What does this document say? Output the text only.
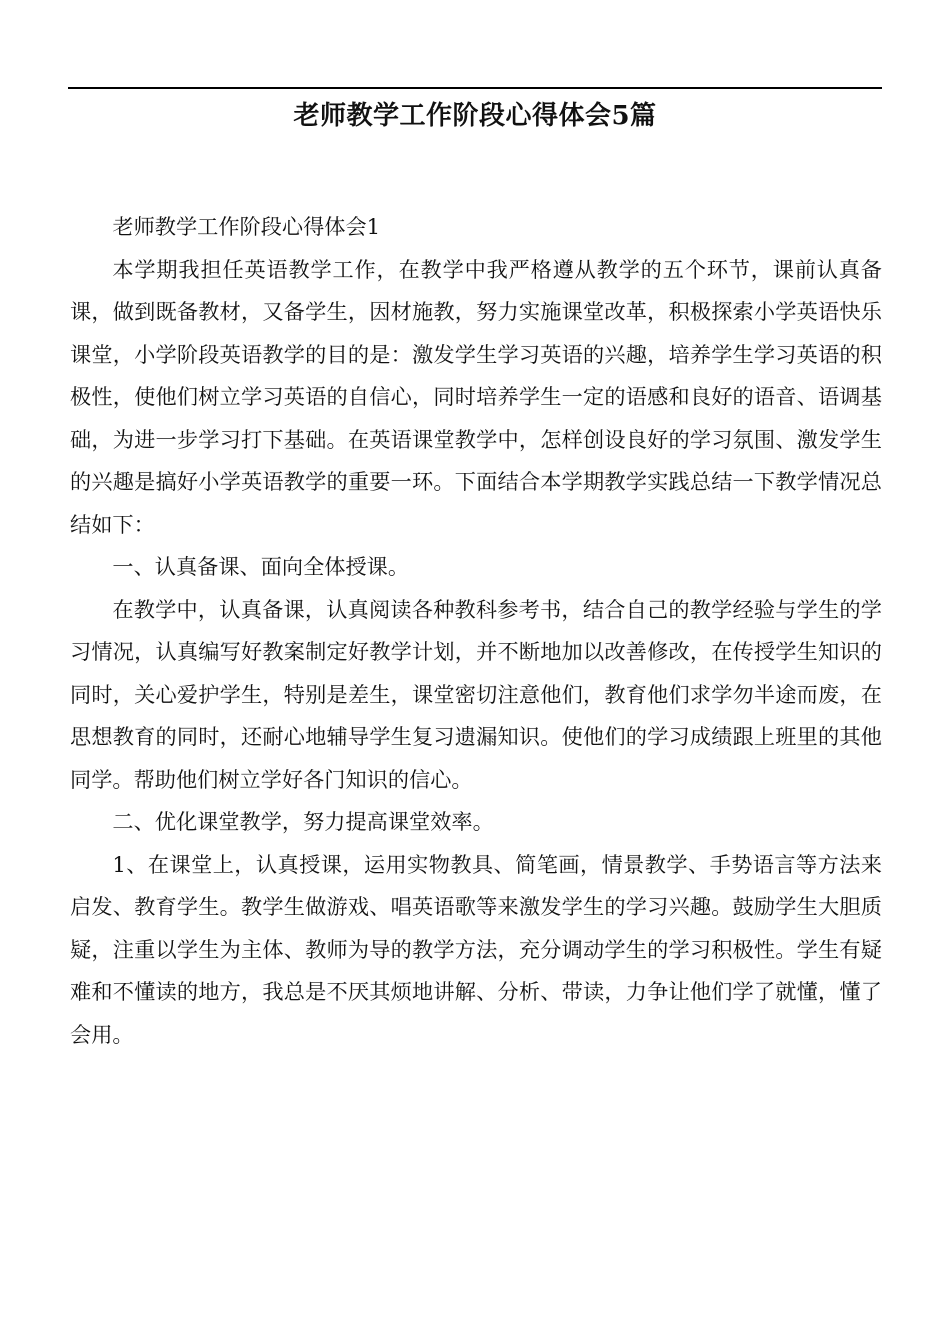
老师教学工作阶段心得体会5篇

老师教学工作阶段心得体会1

本学期我担任英语教学工作，在教学中我严格遵从教学的五个环节，课前认真备课，做到既备教材，又备学生，因材施教，努力实施课堂改革，积极探索小学英语快乐课堂，小学阶段英语教学的目的是：激发学生学习英语的兴趣，培养学生学习英语的积极性，使他们树立学习英语的自信心，同时培养学生一定的语感和良好的语音、语调基础，为进一步学习打下基础。在英语课堂教学中，怎样创设良好的学习氛围、激发学生的兴趣是搞好小学英语教学的重要一环。下面结合本学期教学实践总结一下教学情况总结如下：

一、认真备课、面向全体授课。

在教学中，认真备课，认真阅读各种教科参考书，结合自己的教学经验与学生的学习情况，认真编写好教案制定好教学计划，并不断地加以改善修改，在传授学生知识的同时，关心爱护学生，特别是差生，课堂密切注意他们，教育他们求学勿半途而废，在思想教育的同时，还耐心地辅导学生复习遗漏知识。使他们的学习成绩跟上班里的其他同学。帮助他们树立学好各门知识的信心。

二、优化课堂教学，努力提高课堂效率。

1、在课堂上，认真授课，运用实物教具、简笔画，情景教学、手势语言等方法来启发、教育学生。教学生做游戏、唱英语歌等来激发学生的学习兴趣。鼓励学生大胆质疑，注重以学生为主体、教师为导的教学方法，充分调动学生的学习积极性。学生有疑难和不懂读的地方，我总是不厌其烦地讲解、分析、带读，力争让他们学了就懂，懂了会用。
